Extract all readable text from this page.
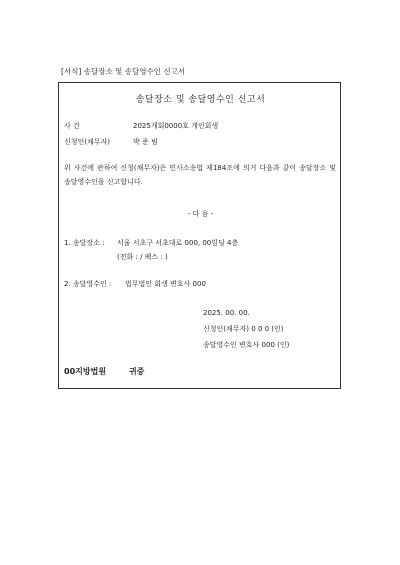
[서식] 송달장소 및 송달영수인 신고서
송달장소 및 송달영수인 신고서
사 건	2025개회0000호 개인회생
신청인(채무자)	박 준 범
위 사건에 관하여 신청(채무자)은 민사소송법 제184조에 의거 다음과 같이 송달장소 및 송달영수인을 신고합니다.
- 다 음 -
1. 송달장소 : 서울 서초구 서초대로 000, 00빌딩 4층
(전화 : / 팩스 : )
2. 송달영수인 : 법무법인 회생 변호사 000
2025. 00. 00.
신청인(채무자) 0 0 0 (인)
송달영수인 변호사 000 (인)
00지방법원	귀중
